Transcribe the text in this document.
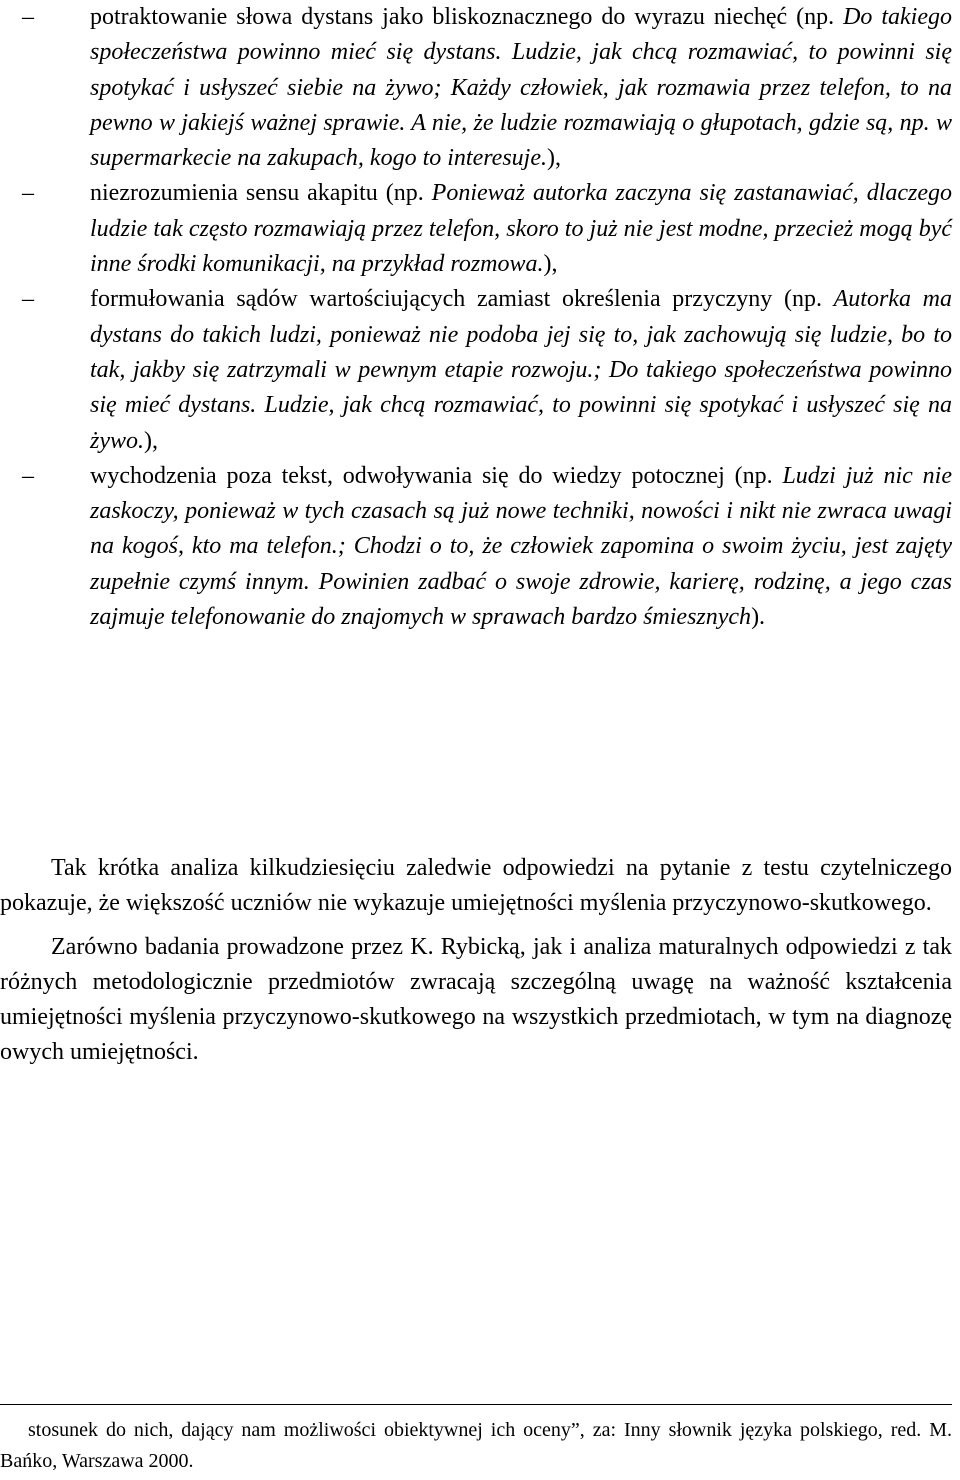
– potraktowanie słowa dystans jako bliskoznacznego do wyrazu niechęć (np. Do takiego społeczeństwa powinno mieć się dystans. Ludzie, jak chcą rozmawiać, to powinni się spotykać i usłyszeć siebie na żywo; Każdy człowiek, jak rozmawia przez telefon, to na pewno w jakiejś ważnej sprawie. A nie, że ludzie rozmawiają o głupotach, gdzie są, np. w supermarkecie na zakupach, kogo to interesuje.),
– niezrozumienia sensu akapitu (np. Ponieważ autorka zaczyna się zastanawiać, dlaczego ludzie tak często rozmawiają przez telefon, skoro to już nie jest modne, przecież mogą być inne środki komunikacji, na przykład rozmowa.),
– formułowania sądów wartościujących zamiast określenia przyczyny (np. Autorka ma dystans do takich ludzi, ponieważ nie podoba jej się to, jak zachowują się ludzie, bo to tak, jakby się zatrzymali w pewnym etapie rozwoju.; Do takiego społeczeństwa powinno się mieć dystans. Ludzie, jak chcą rozmawiać, to powinni się spotykać i usłyszeć się na żywo.),
– wychodzenia poza tekst, odwoływania się do wiedzy potocznej (np. Ludzi już nic nie zaskoczy, ponieważ w tych czasach są już nowe techniki, nowości i nikt nie zwraca uwagi na kogoś, kto ma telefon.; Chodzi o to, że człowiek zapomina o swoim życiu, jest zajęty zupełnie czymś innym. Powinien zadbać o swoje zdrowie, karierę, rodzinę, a jego czas zajmuje telefonowanie do znajomych w sprawach bardzo śmiesznych).

Tak krótka analiza kilkudziesięciu zaledwie odpowiedzi na pytanie z testu czytelniczego pokazuje, że większość uczniów nie wykazuje umiejętności myślenia przyczynowo-skutkowego.

Zarówno badania prowadzone przez K. Rybicką, jak i analiza maturalnych odpowiedzi z tak różnych metodologicznie przedmiotów zwracają szczególną uwagę na ważność kształcenia umiejętności myślenia przyczynowo-skutkowego na wszystkich przedmiotach, w tym na diagnozę owych umiejętności.

stosunek do nich, dający nam możliwości obiektywnej ich oceny”, za: Inny słownik języka polskiego, red. M. Bańko, Warszawa 2000.
